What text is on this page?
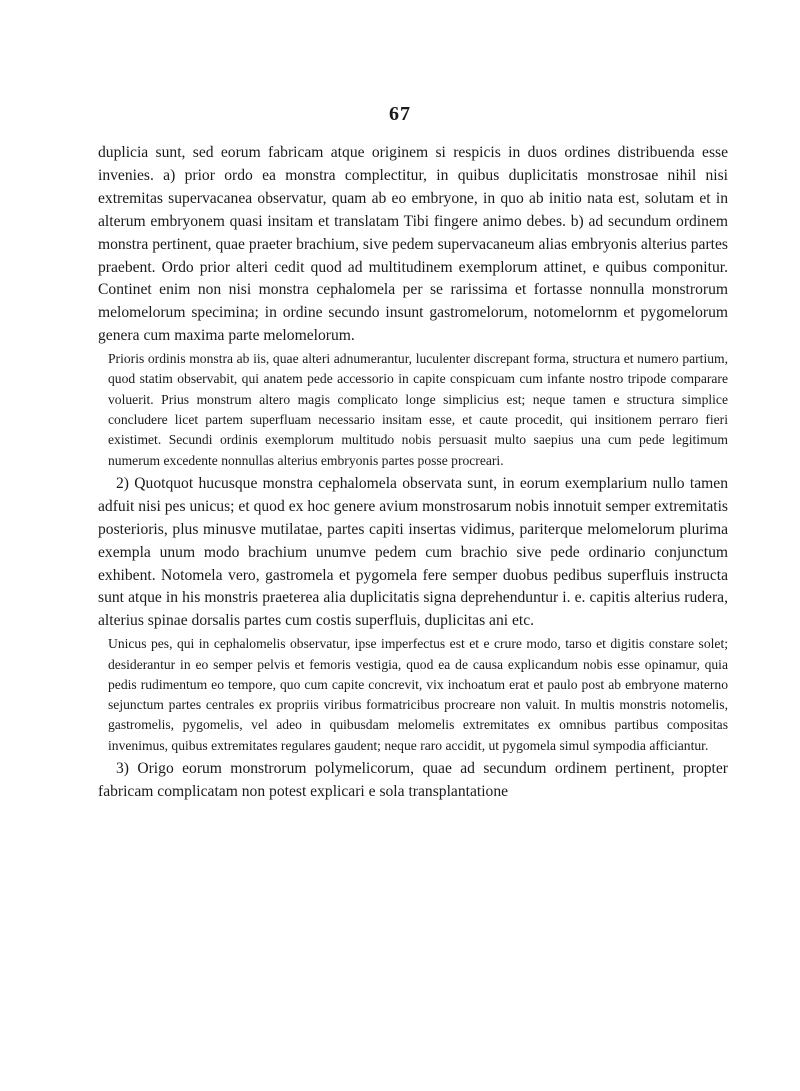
67

duplicia sunt, sed eorum fabricam atque originem si respicis in duos ordines distribuenda esse invenies. a) prior ordo ea monstra complectitur, in quibus duplicitatis monstrosae nihil nisi extremitas supervacanea observatur, quam ab eo embryone, in quo ab initio nata est, solutam et in alterum embryonem quasi insitam et translatam Tibi fingere animo debes. b) ad secundum ordinem monstra pertinent, quae praeter brachium, sive pedem supervacaneum alias embryonis alterius partes praebent. Ordo prior alteri cedit quod ad multitudinem exemplorum attinet, e quibus componitur. Continet enim non nisi monstra cephalomela per se rarissima et fortasse nonnulla monstrorum melomelorum specimina; in ordine secundo insunt gastromelorum, notomelornm et pygomelorum genera cum maxima parte melomelorum.

Prioris ordinis monstra ab iis, quae alteri adnumerantur, luculenter discrepant forma, structura et numero partium, quod statim observabit, qui anatem pede accessorio in capite conspicuam cum infante nostro tripode comparare voluerit. Prius monstrum altero magis complicato longe simplicius est; neque tamen e structura simplice concludere licet partem superfluam necessario insitam esse, et caute procedit, qui insitionem perraro fieri existimet. Secundi ordinis exemplorum multitudo nobis persuasit multo saepius una cum pede legitimum numerum excedente nonnullas alterius embryonis partes posse procreari.

2) Quotquot hucusque monstra cephalomela observata sunt, in eorum exemplarium nullo tamen adfuit nisi pes unicus; et quod ex hoc genere avium monstrosarum nobis innotuit semper extremitatis posterioris, plus minusve mutilatae, partes capiti insertas vidimus, pariterque melomelorum plurima exempla unum modo brachium unumve pedem cum brachio sive pede ordinario conjunctum exhibent. Notomela vero, gastromela et pygomela fere semper duobus pedibus superfluis instructa sunt atque in his monstris praeterea alia duplicitatis signa deprehenduntur i. e. capitis alterius rudera, alterius spinae dorsalis partes cum costis superfluis, duplicitas ani etc.

Unicus pes, qui in cephalomelis observatur, ipse imperfectus est et e crure modo, tarso et digitis constare solet; desiderantur in eo semper pelvis et femoris vestigia, quod ea de causa explicandum nobis esse opinamur, quia pedis rudimentum eo tempore, quo cum capite concrevit, vix inchoatum erat et paulo post ab embryone materno sejunctum partes centrales ex propriis viribus formatricibus procreare non valuit. In multis monstris notomelis, gastromelis, pygomelis, vel adeo in quibusdam melomelis extremitates ex omnibus partibus compositas invenimus, quibus extremitates regulares gaudent; neque raro accidit, ut pygomela simul sympodia afficiantur.

3) Origo eorum monstrorum polymelicorum, quae ad secundum ordinem pertinent, propter fabricam complicatam non potest explicari e sola transplantatione
